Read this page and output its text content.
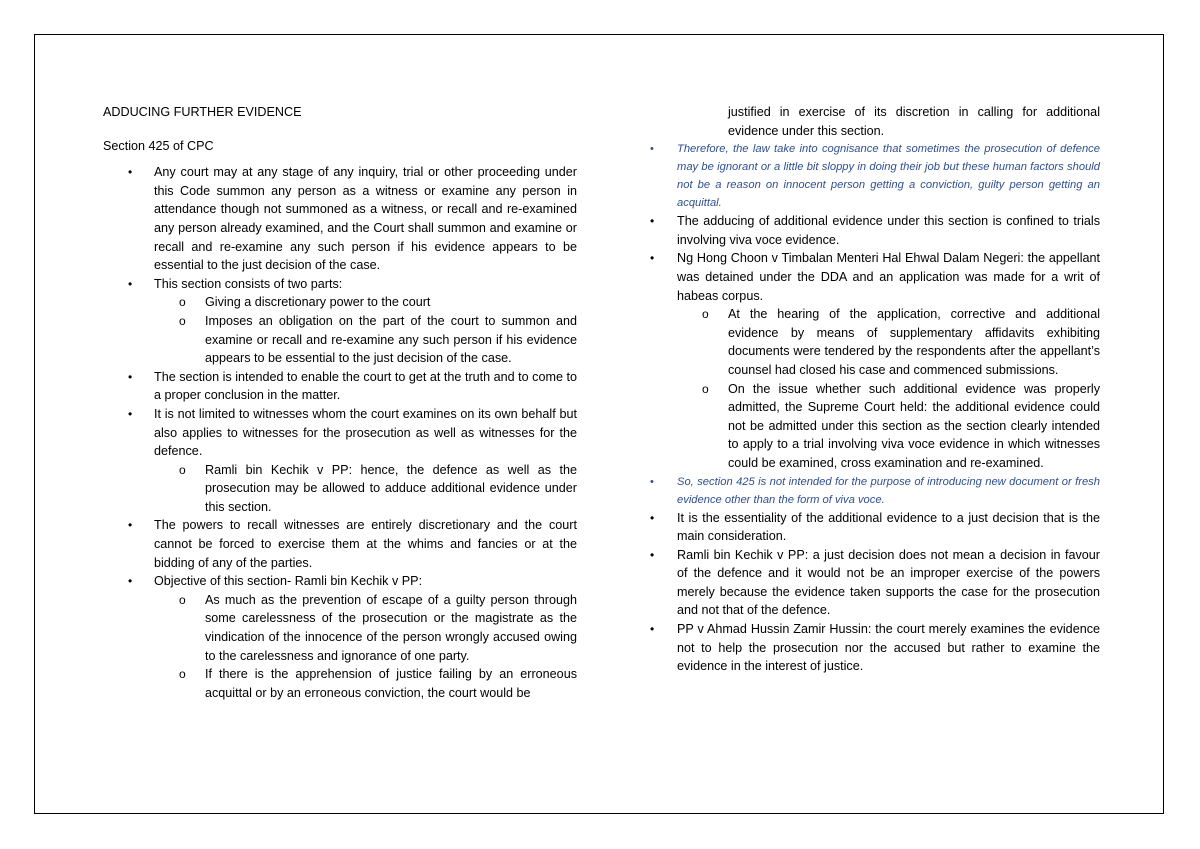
ADDUCING FURTHER EVIDENCE

Section 425 of CPC

• Any court may at any stage of any inquiry, trial or other proceeding under this Code summon any person as a witness or examine any person in attendance though not summoned as a witness, or recall and re-examined any person already examined, and the Court shall summon and examine or recall and re-examine any such person if his evidence appears to be essential to the just decision of the case.
• This section consists of two parts:
o Giving a discretionary power to the court
o Imposes an obligation on the part of the court to summon and examine or recall and re-examine any such person if his evidence appears to be essential to the just decision of the case.
• The section is intended to enable the court to get at the truth and to come to a proper conclusion in the matter.
• It is not limited to witnesses whom the court examines on its own behalf but also applies to witnesses for the prosecution as well as witnesses for the defence.
o Ramli bin Kechik v PP: hence, the defence as well as the prosecution may be allowed to adduce additional evidence under this section.
• The powers to recall witnesses are entirely discretionary and the court cannot be forced to exercise them at the whims and fancies or at the bidding of any of the parties.
• Objective of this section- Ramli bin Kechik v PP:
o As much as the prevention of escape of a guilty person through some carelessness of the prosecution or the magistrate as the vindication of the innocence of the person wrongly accused owing to the carelessness and ignorance of one party.
o If there is the apprehension of justice failing by an erroneous acquittal or by an erroneous conviction, the court would be

justified in exercise of its discretion in calling for additional evidence under this section.

• Therefore, the law take into cognisance that sometimes the prosecution of defence may be ignorant or a little bit sloppy in doing their job but these human factors should not be a reason on innocent person getting a conviction, guilty person getting an acquittal.
• The adducing of additional evidence under this section is confined to trials involving viva voce evidence.
• Ng Hong Choon v Timbalan Menteri Hal Ehwal Dalam Negeri: the appellant was detained under the DDA and an application was made for a writ of habeas corpus.
o At the hearing of the application, corrective and additional evidence by means of supplementary affidavits exhibiting documents were tendered by the respondents after the appellant’s counsel had closed his case and commenced submissions.
o On the issue whether such additional evidence was properly admitted, the Supreme Court held: the additional evidence could not be admitted under this section as the section clearly intended to apply to a trial involving viva voce evidence in which witnesses could be examined, cross examination and re-examined.
• So, section 425 is not intended for the purpose of introducing new document or fresh evidence other than the form of viva voce.
• It is the essentiality of the additional evidence to a just decision that is the main consideration.
• Ramli bin Kechik v PP: a just decision does not mean a decision in favour of the defence and it would not be an improper exercise of the powers merely because the evidence taken supports the case for the prosecution and not that of the defence.
• PP v Ahmad Hussin Zamir Hussin: the court merely examines the evidence not to help the prosecution nor the accused but rather to examine the evidence in the interest of justice.
